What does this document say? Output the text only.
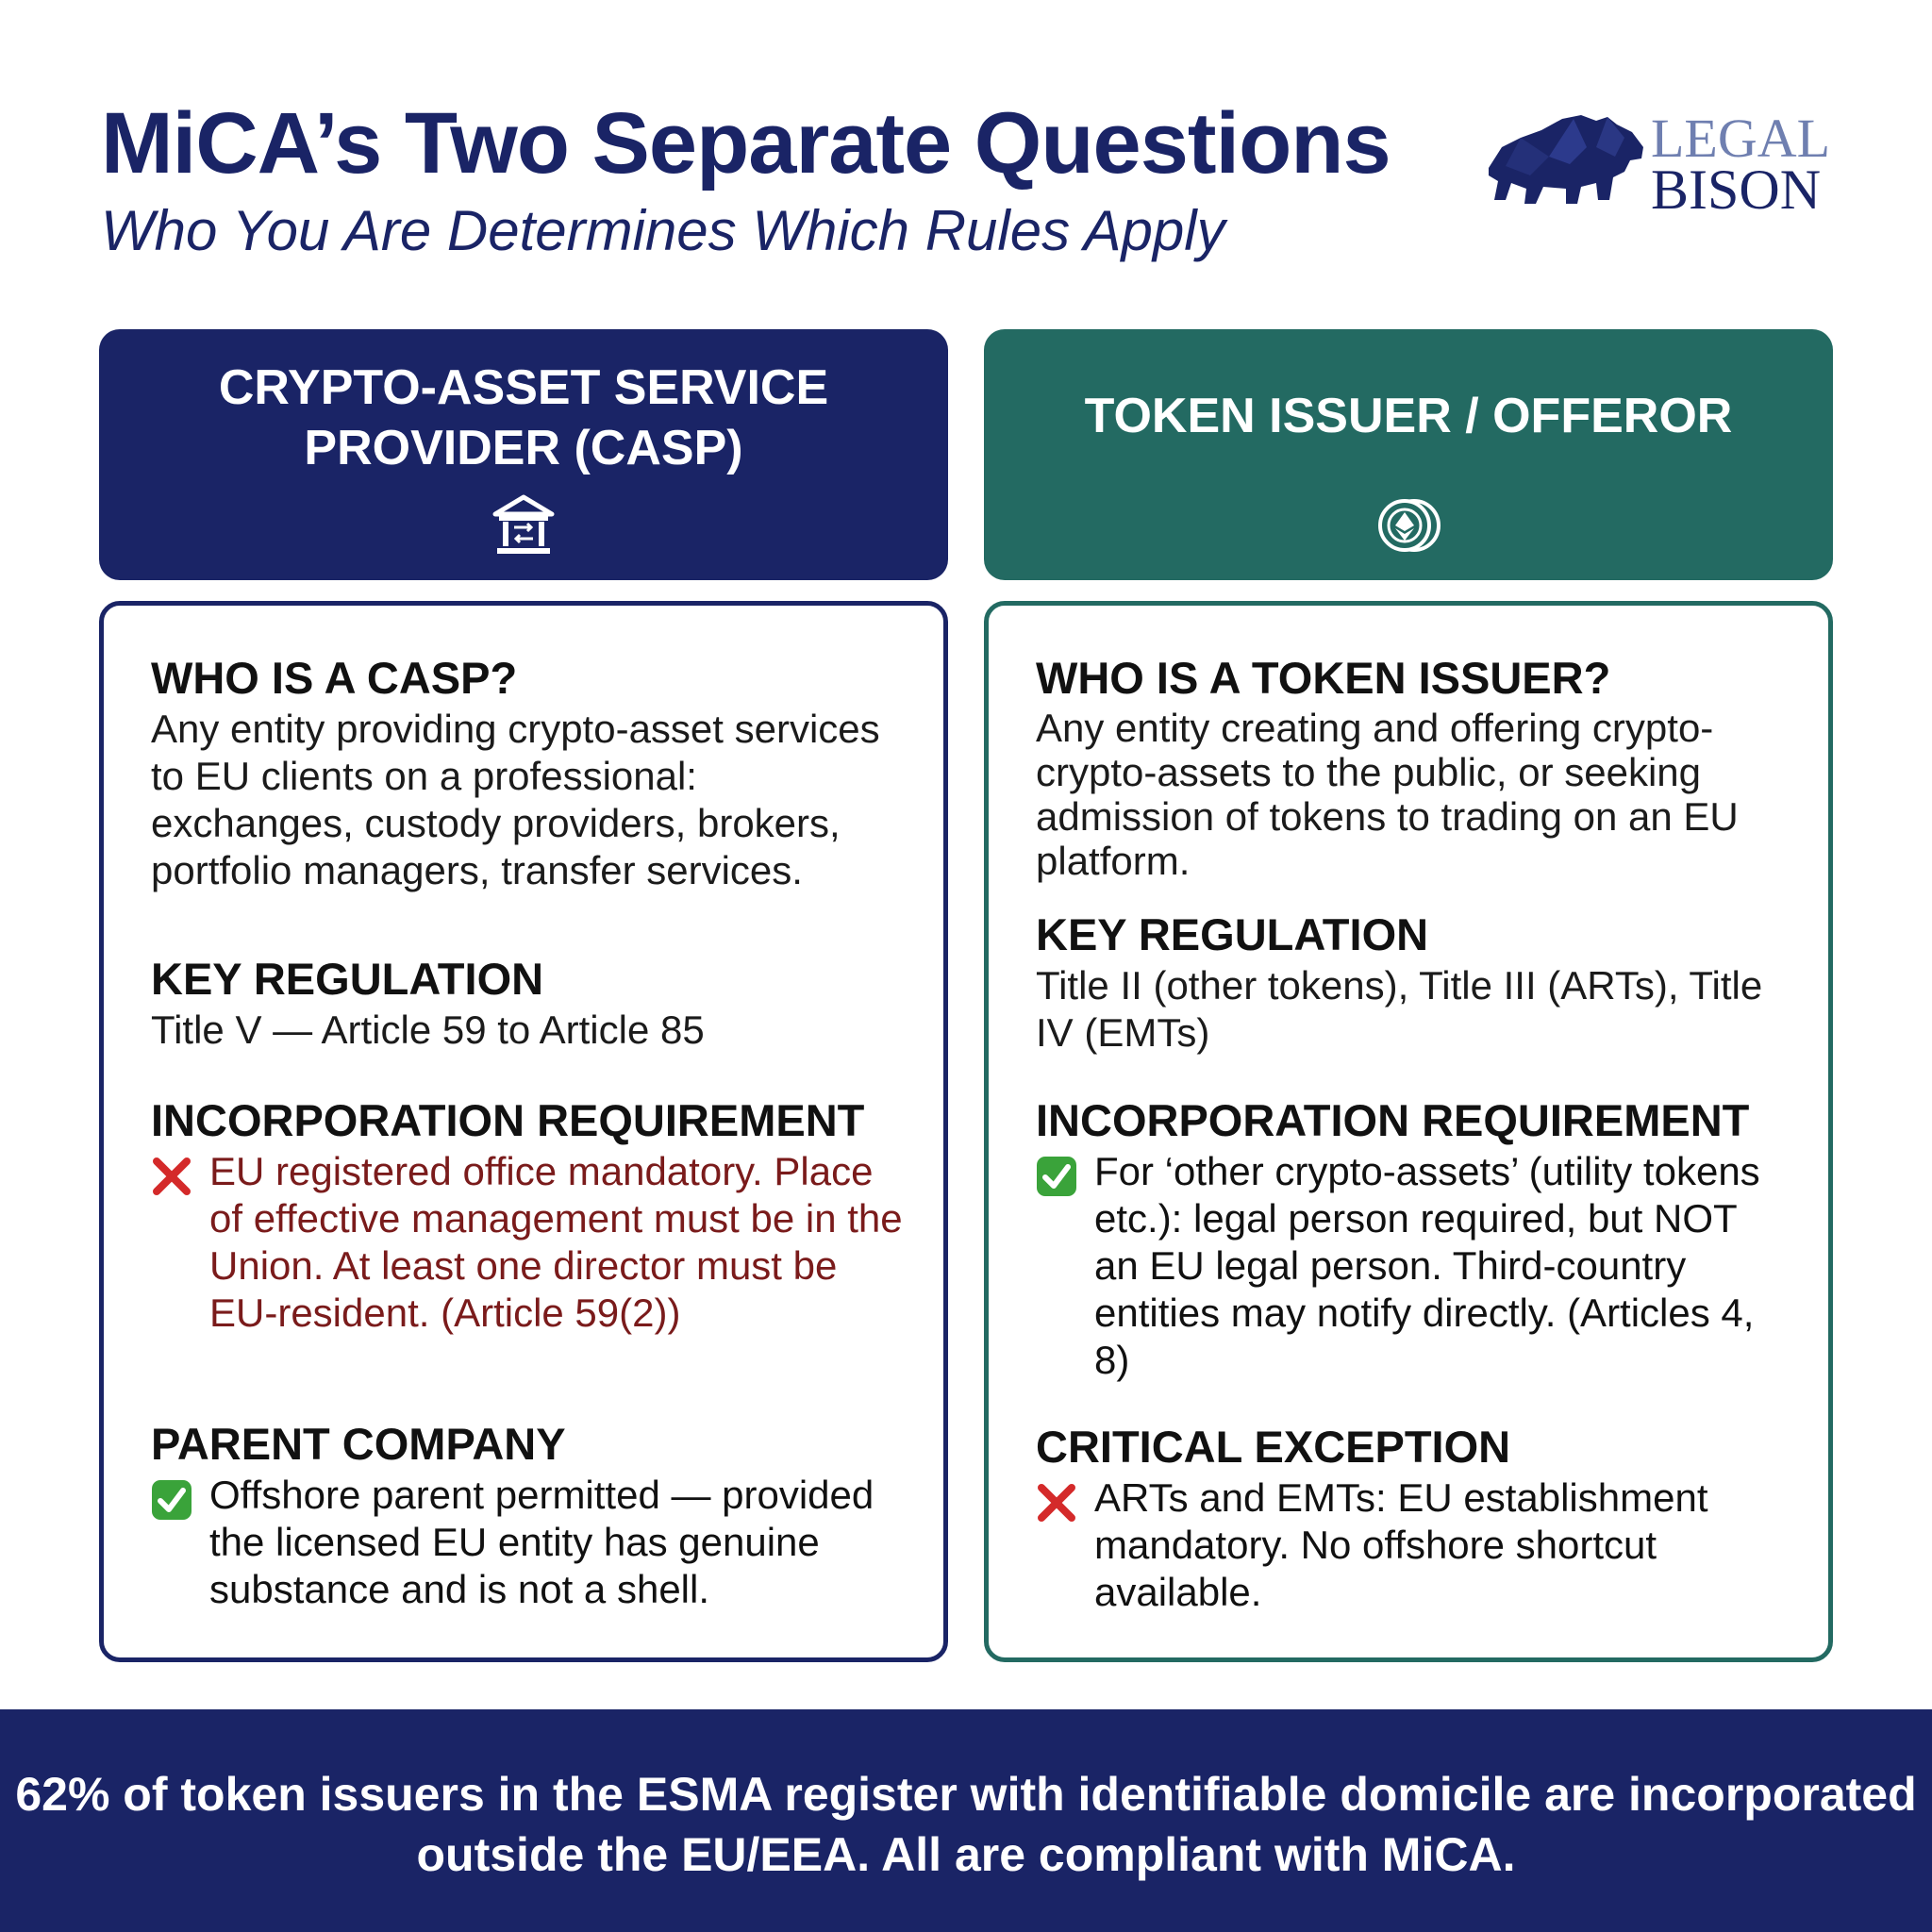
MiCA’s Two Separate Questions
Who You Are Determines Which Rules Apply
LEGAL
BISON
CRYPTO-ASSET SERVICE PROVIDER (CASP)
TOKEN ISSUER / OFFEROR
WHO IS A CASP?
Any entity providing crypto-asset services to EU clients on a professional: exchanges, custody providers, brokers, portfolio managers, transfer services.
KEY REGULATION
Title V — Article 59 to Article 85
INCORPORATION REQUIREMENT
EU registered office mandatory. Place of effective management must be in the Union. At least one director must be EU-resident. (Article 59(2))
PARENT COMPANY
Offshore parent permitted — provided the licensed EU entity has genuine substance and is not a shell.
WHO IS A TOKEN ISSUER?
Any entity creating and offering crypto-crypto-assets to the public, or seeking admission of tokens to trading on an EU platform.
KEY REGULATION
Title II (other tokens), Title III (ARTs), Title IV (EMTs)
INCORPORATION REQUIREMENT
For ‘other crypto-assets’ (utility tokens etc.): legal person required, but NOT an EU legal person. Third-country entities may notify directly. (Articles 4, 8)
CRITICAL EXCEPTION
ARTs and EMTs: EU establishment mandatory. No offshore shortcut available.

62% of token issuers in the ESMA register with identifiable domicile are incorporated outside the EU/EEA. All are compliant with MiCA.
